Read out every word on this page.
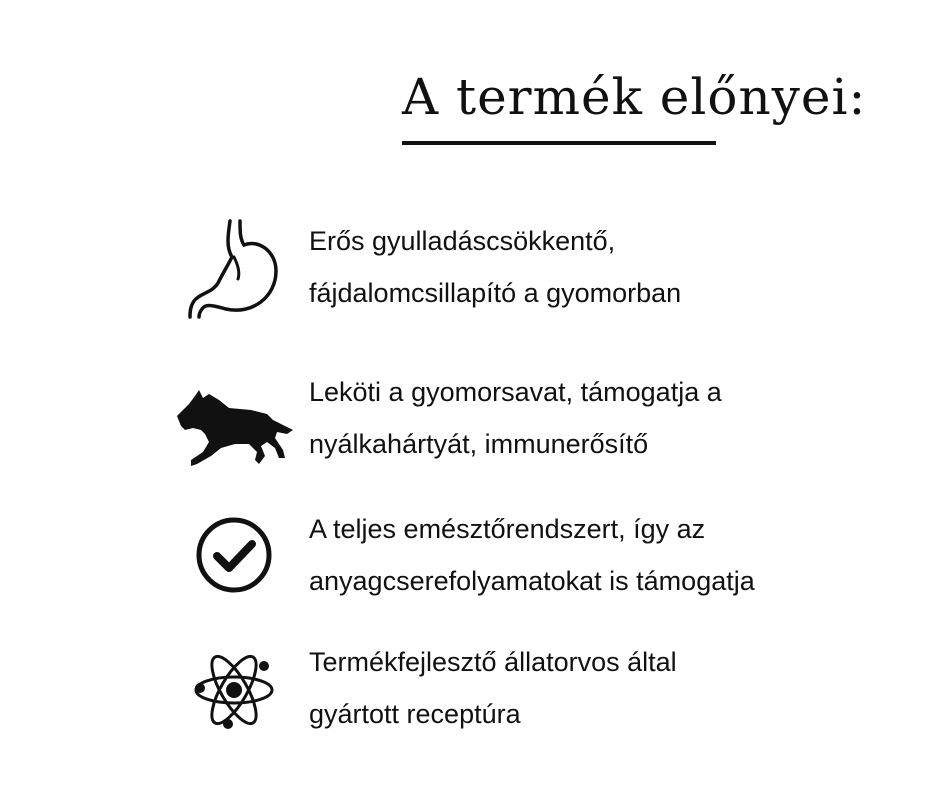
A termék előnyei:
Erős gyulladáscsökkentő,
fájdalomcsillapító a gyomorban
Leköti a gyomorsavat, támogatja a
nyálkahártyát, immunerősítő
A teljes emésztőrendszert, így az
anyagcserefolyamatokat is támogatja
Termékfejlesztő állatorvos által
gyártott receptúra
